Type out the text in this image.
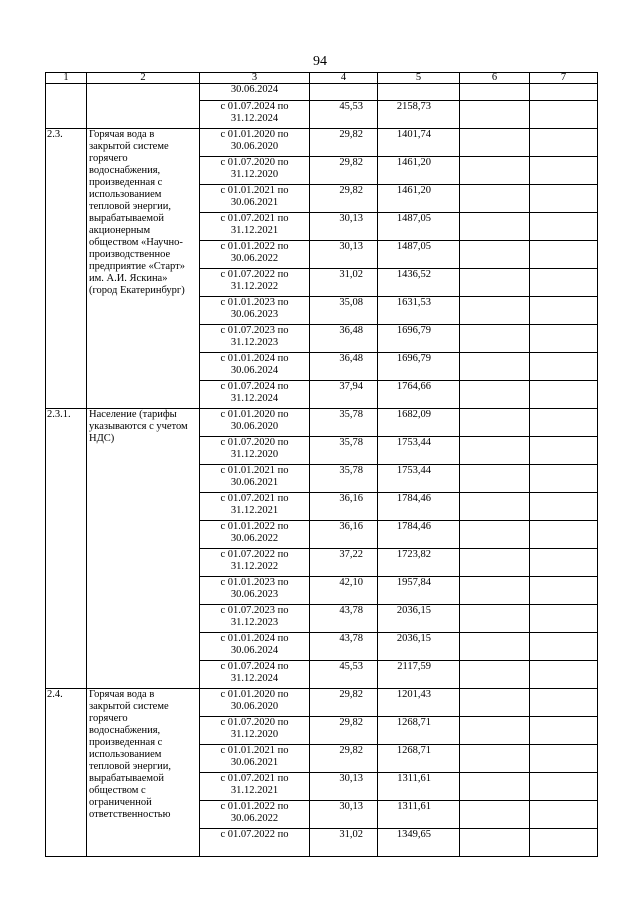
94
1	2	3	4	5	6	7
		30.06.2024				
		с 01.07.2024 по 31.12.2024	45,53	2158,73		
2.3.	Горячая вода в закрытой системе горячего водоснабжения, произведенная с использованием тепловой энергии, вырабатываемой акционерным обществом «Научно-производственное предприятие «Старт» им. А.И. Яскина» (город Екатеринбург)	с 01.01.2020 по 30.06.2020	29,82	1401,74		
		с 01.07.2020 по 31.12.2020	29,82	1461,20		
		с 01.01.2021 по 30.06.2021	29,82	1461,20		
		с 01.07.2021 по 31.12.2021	30,13	1487,05		
		с 01.01.2022 по 30.06.2022	30,13	1487,05		
		с 01.07.2022 по 31.12.2022	31,02	1436,52		
		с 01.01.2023 по 30.06.2023	35,08	1631,53		
		с 01.07.2023 по 31.12.2023	36,48	1696,79		
		с 01.01.2024 по 30.06.2024	36,48	1696,79		
		с 01.07.2024 по 31.12.2024	37,94	1764,66		
2.3.1.	Население (тарифы указываются с учетом НДС)	с 01.01.2020 по 30.06.2020	35,78	1682,09		
		с 01.07.2020 по 31.12.2020	35,78	1753,44		
		с 01.01.2021 по 30.06.2021	35,78	1753,44		
		с 01.07.2021 по 31.12.2021	36,16	1784,46		
		с 01.01.2022 по 30.06.2022	36,16	1784,46		
		с 01.07.2022 по 31.12.2022	37,22	1723,82		
		с 01.01.2023 по 30.06.2023	42,10	1957,84		
		с 01.07.2023 по 31.12.2023	43,78	2036,15		
		с 01.01.2024 по 30.06.2024	43,78	2036,15		
		с 01.07.2024 по 31.12.2024	45,53	2117,59		
2.4.	Горячая вода в закрытой системе горячего водоснабжения, произведенная с использованием тепловой энергии, вырабатываемой обществом с ограниченной ответственностью	с 01.01.2020 по 30.06.2020	29,82	1201,43		
		с 01.07.2020 по 31.12.2020	29,82	1268,71		
		с 01.01.2021 по 30.06.2021	29,82	1268,71		
		с 01.07.2021 по 31.12.2021	30,13	1311,61		
		с 01.01.2022 по 30.06.2022	30,13	1311,61		
		с 01.07.2022 по	31,02	1349,65		
